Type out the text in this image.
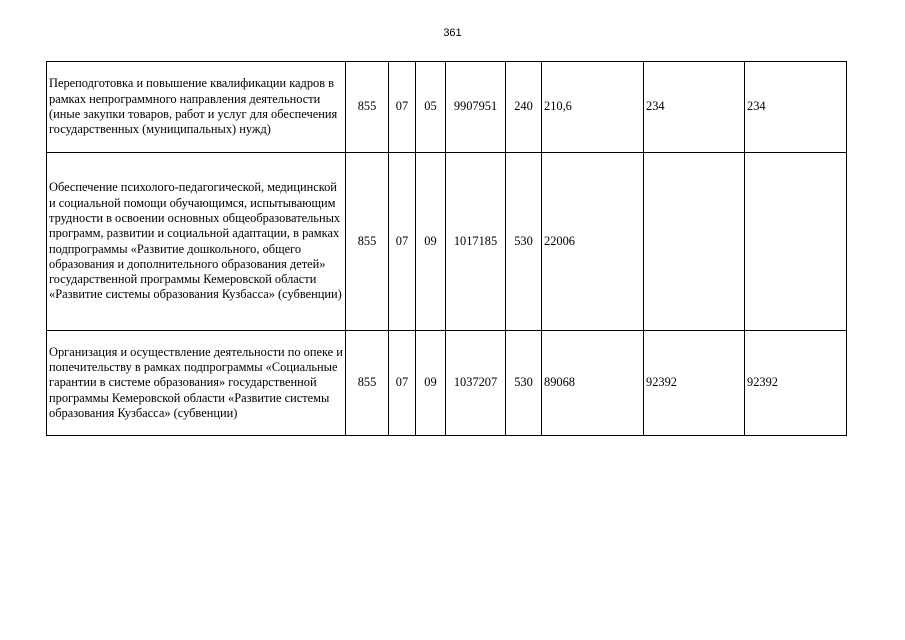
361
Переподготовка и повышение квалификации кадров в рамках непрограммного направления деятельности (иные закупки товаров, работ и услуг для обеспечения государственных (муниципальных) нужд)	855	07	05	9907951	240	210,6	234	234
Обеспечение психолого-педагогической, медицинской и социальной помощи обучающимся, испытывающим трудности в освоении основных общеобразовательных программ, развитии и социальной адаптации, в рамках подпрограммы «Развитие дошкольного, общего образования и дополнительного образования детей» государственной программы Кемеровской области «Развитие системы образования Кузбасса» (субвенции)	855	07	09	1017185	530	22006		
Организация и осуществление деятельности по опеке и попечительству в рамках подпрограммы «Социальные гарантии в системе образования» государственной программы Кемеровской области «Развитие системы образования Кузбасса» (субвенции)	855	07	09	1037207	530	89068	92392	92392
